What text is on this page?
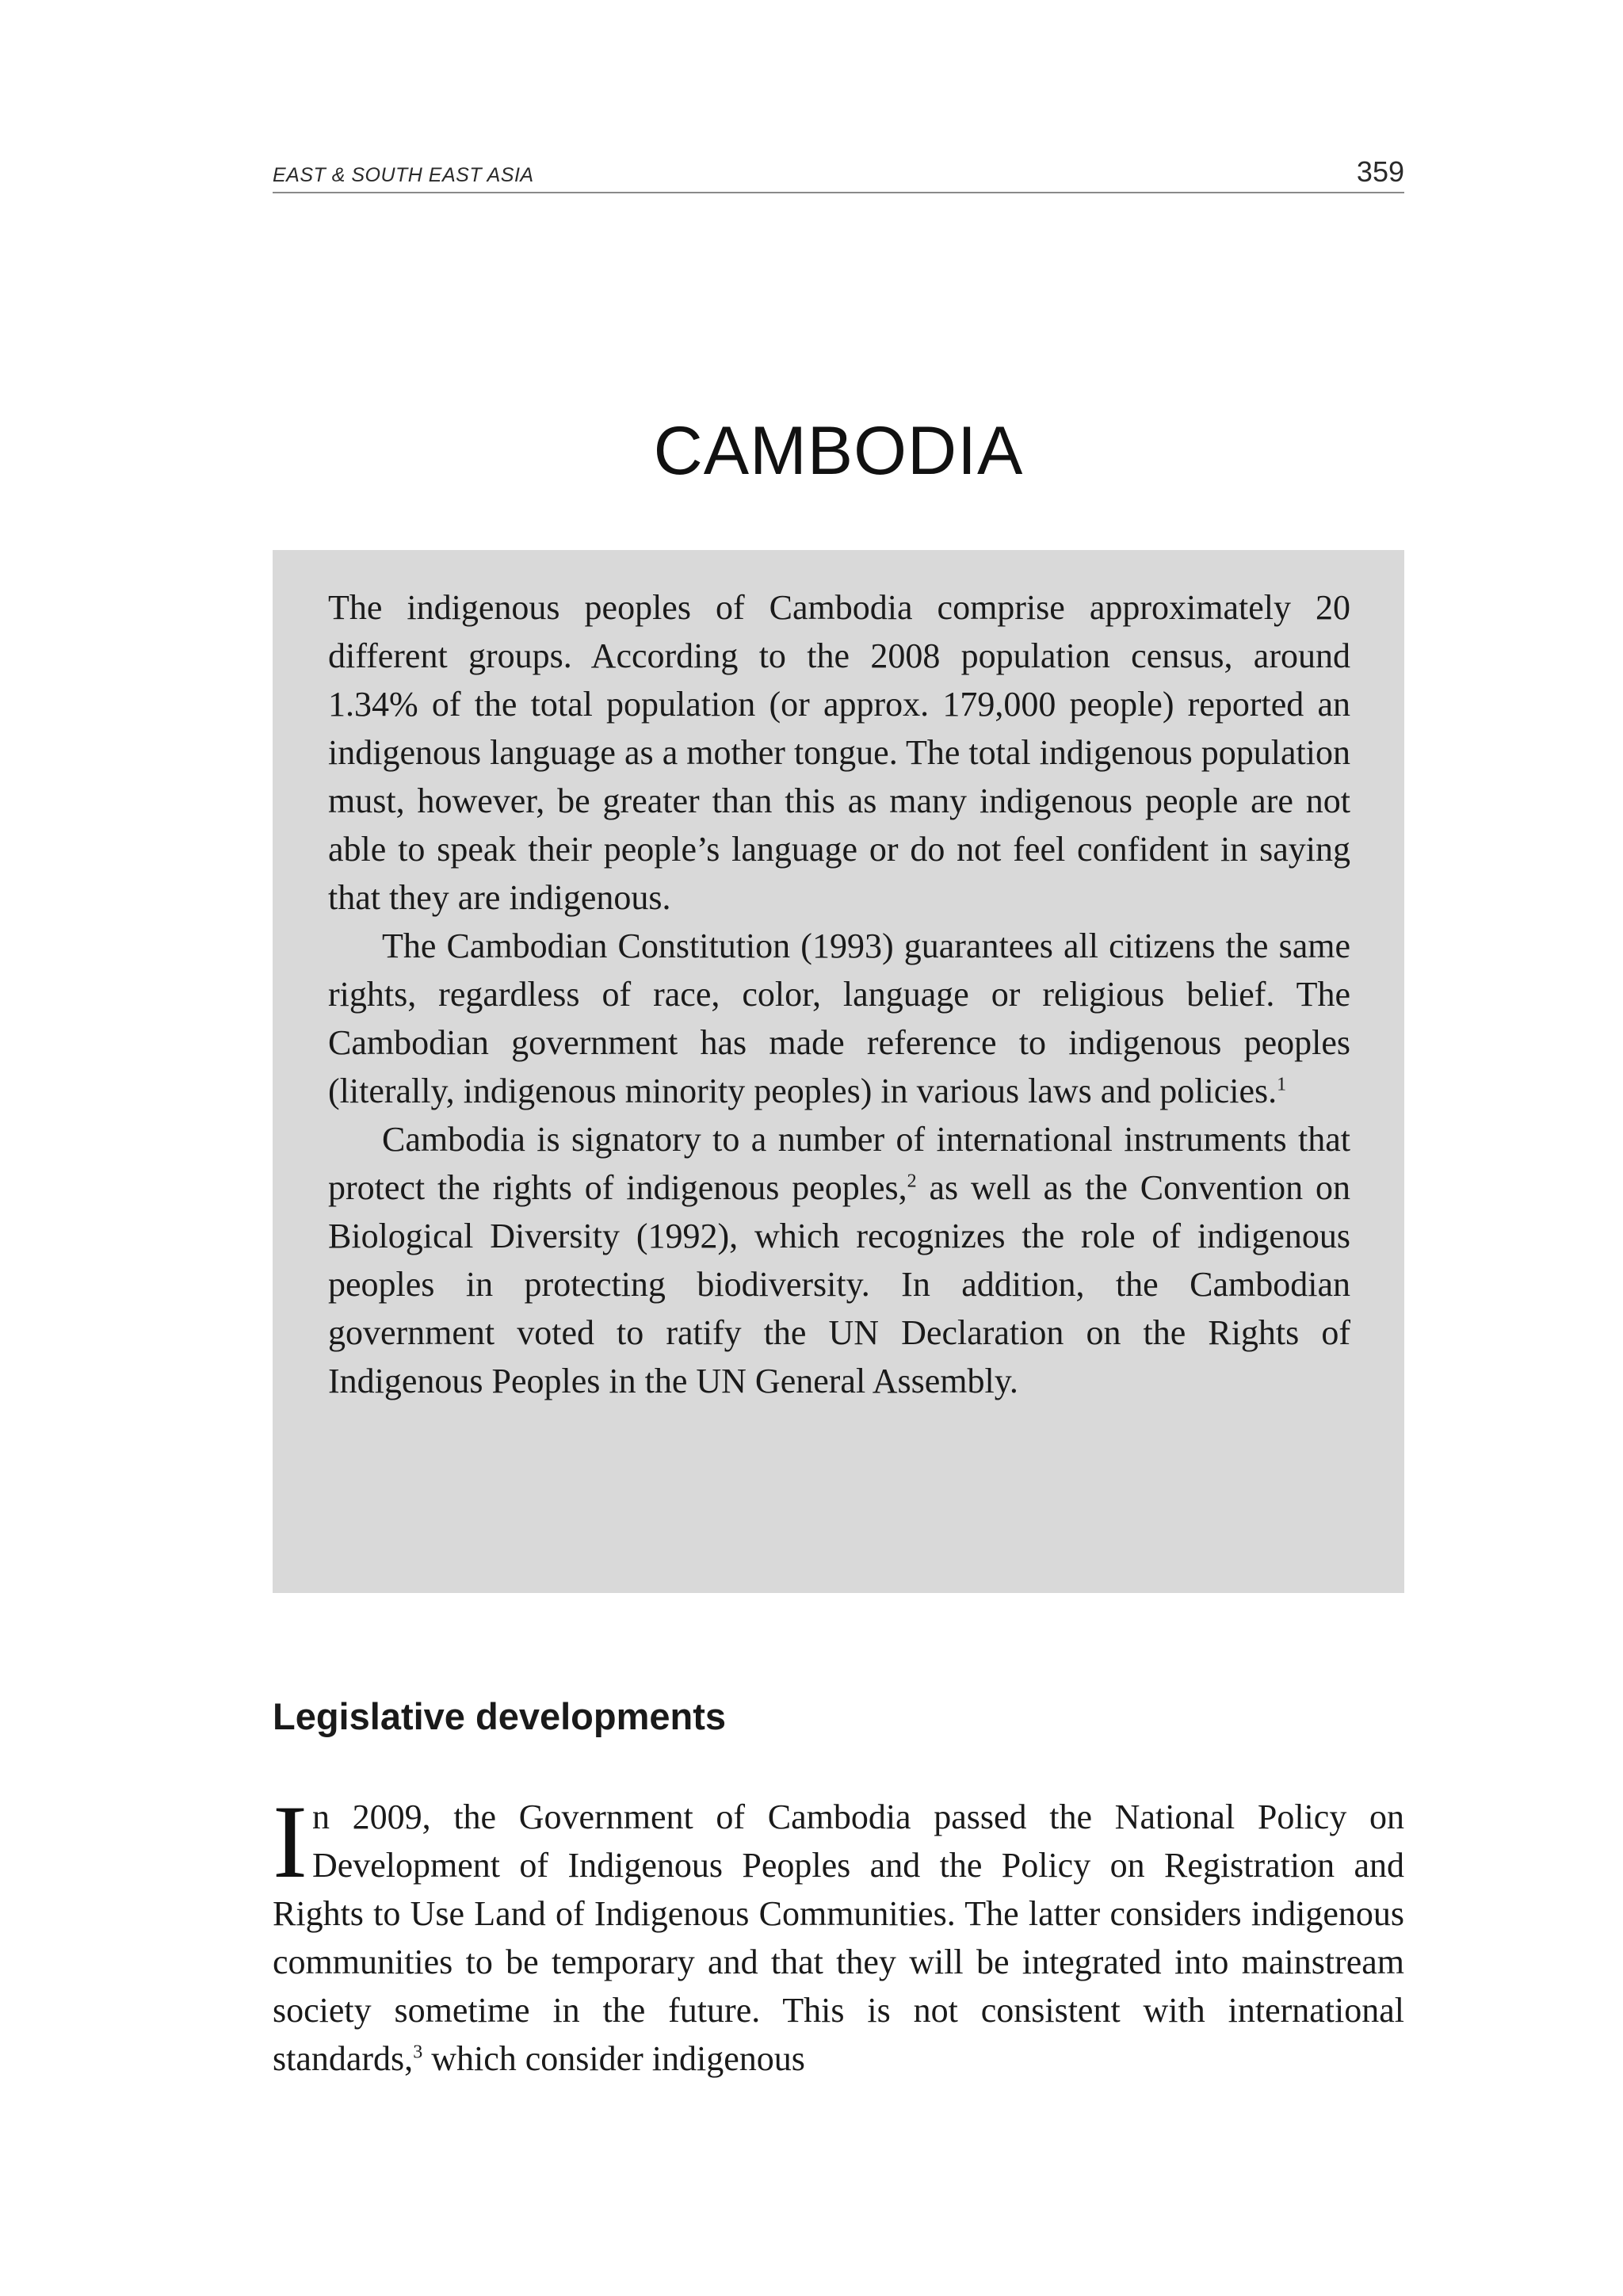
EAST & SOUTH EAST ASIA	359
CAMBODIA

The indigenous peoples of Cambodia comprise approximately 20 different groups. According to the 2008 population census, around 1.34% of the total population (or approx. 179,000 people) reported an indigenous language as a mother tongue. The total indigenous population must, however, be greater than this as many indigenous people are not able to speak their people’s language or do not feel confident in saying that they are indigenous.

The Cambodian Constitution (1993) guarantees all citizens the same rights, regardless of race, color, language or religious belief. The Cambodian government has made reference to indigenous peoples (literally, indigenous minority peoples) in various laws and policies.$^1$

Cambodia is signatory to a number of international instruments that protect the rights of indigenous peoples,$^2$ as well as the Convention on Biological Diversity (1992), which recognizes the role of indigenous peoples in protecting biodiversity. In addition, the Cambodian government voted to ratify the UN Declaration on the Rights of Indigenous Peoples in the UN General Assembly.

Legislative developments

In 2009, the Government of Cambodia passed the National Policy on Development of Indigenous Peoples and the Policy on Registration and Rights to Use Land of Indigenous Communities. The latter considers indigenous communities to be temporary and that they will be integrated into mainstream society sometime in the future. This is not consistent with international standards,$^3$ which consider indigenous
